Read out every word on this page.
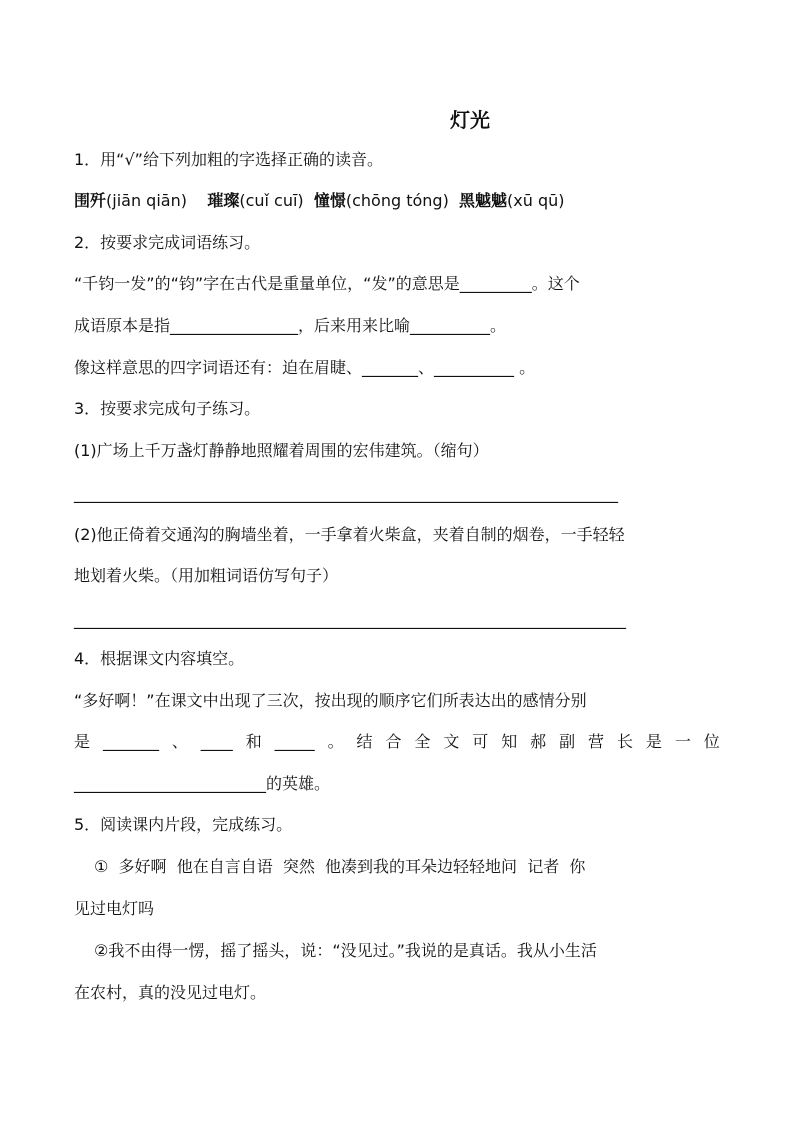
灯光
1．用“√”给下列加粗的字选择正确的读音。
围歼(jiān qiān) 璀璨(cuǐ cuī) 憧憬(chōng tóng) 黑魆魆(xū qū)
2．按要求完成词语练习。
“千钧一发”的“钧”字在古代是重量单位，“发”的意思是_________。这个
成语原本是指________________，后来用来比喻__________。
像这样意思的四字词语还有：迫在眉睫、_______、__________ 。
3．按要求完成句子练习。
(1)广场上千万盏灯静静地照耀着周围的宏伟建筑。（缩句）
____________________________________________________________________
(2)他正倚着交通沟的胸墙坐着，一手拿着火柴盒，夹着自制的烟卷，一手轻轻
地划着火柴。（用加粗词语仿写句子）
_____________________________________________________________________
4．根据课文内容填空。
“多好啊！”在课文中出现了三次，按出现的顺序它们所表达出的感情分别
是 _______ 、 ____ 和 _____ 。 结 合 全 文 可 知 郝 副 营 长 是 一 位
________________________的英雄。
5．阅读课内片段，完成练习。
①  多好啊  他在自言自语  突然  他凑到我的耳朵边轻轻地问  记者  你
见过电灯吗
②我不由得一愣，摇了摇头，说：“没见过。”我说的是真话。我从小生活
在农村，真的没见过电灯。
